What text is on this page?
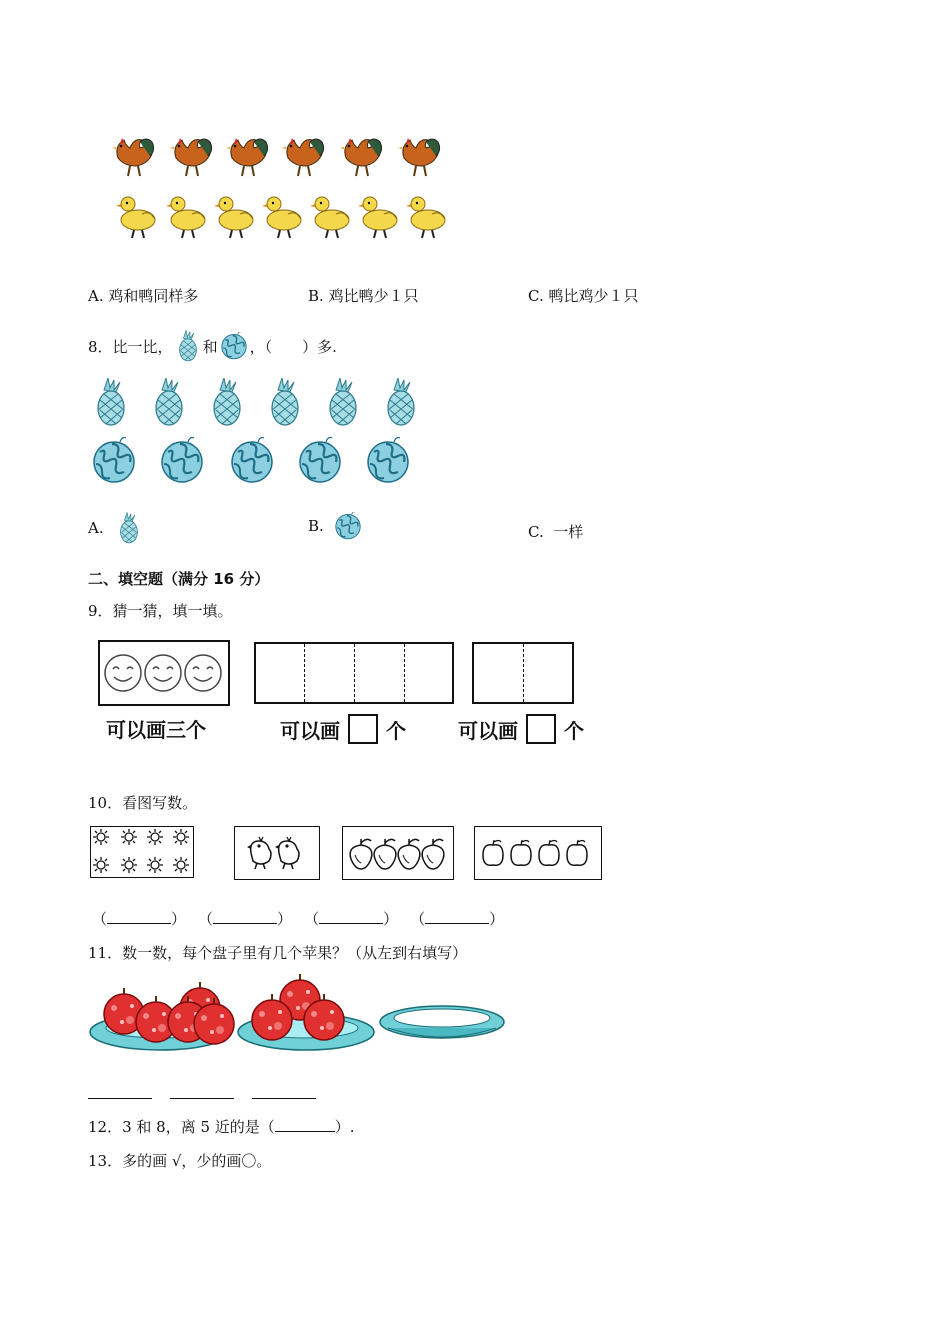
A. 鸡和鸭同样多	B. 鸡比鸭少１只	C. 鸭比鸡少１只
8． 比一比， 和 ，（　　）多.
A.	B.	C. 一样
二、填空题（满分 16 分）
9．猜一猜，填一填。
可以画三个	可以画 个	可以画 个
10．看图写数。
（	） （	） （	） （	）
11．数一数，每个盘子里有几个苹果？（从左到右填写）
12．3 和 8，离 5 近的是（	）.
13．多的画 √，少的画〇。
